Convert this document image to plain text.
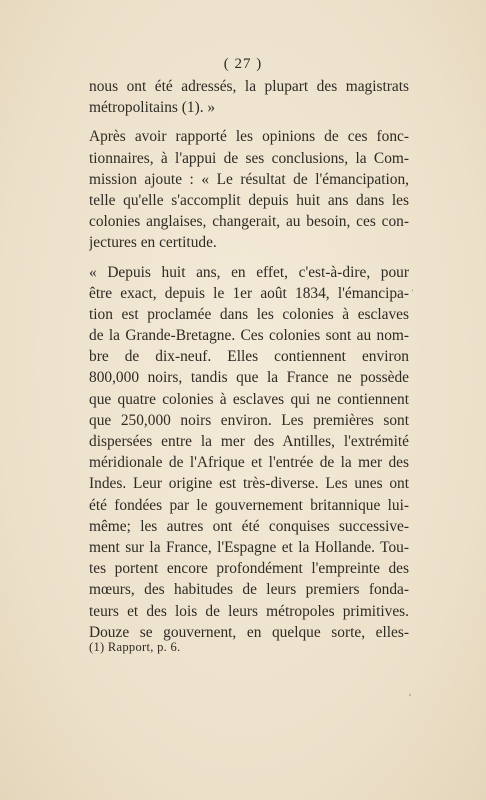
( 27 )
nous ont été adressés, la plupart des magistrats
métropolitains (1). »
Après avoir rapporté les opinions de ces fonc-
tionnaires, à l'appui de ses conclusions, la Com-
mission ajoute : « Le résultat de l'émancipation,
telle qu'elle s'accomplit depuis huit ans dans les
colonies anglaises, changerait, au besoin, ces con-
jectures en certitude.
« Depuis huit ans, en effet, c'est-à-dire, pour
être exact, depuis le 1er août 1834, l'émancipa-
tion est proclamée dans les colonies à esclaves
de la Grande-Bretagne. Ces colonies sont au nom-
bre de dix-neuf. Elles contiennent environ
800,000 noirs, tandis que la France ne possède
que quatre colonies à esclaves qui ne contiennent
que 250,000 noirs environ. Les premières sont
dispersées entre la mer des Antilles, l'extrémité
méridionale de l'Afrique et l'entrée de la mer des
Indes. Leur origine est très-diverse. Les unes ont
été fondées par le gouvernement britannique lui-
même; les autres ont été conquises successive-
ment sur la France, l'Espagne et la Hollande. Tou-
tes portent encore profondément l'empreinte des
mœurs, des habitudes de leurs premiers fonda-
teurs et des lois de leurs métropoles primitives.
Douze se gouvernent, en quelque sorte, elles-
(1) Rapport, p. 6.
